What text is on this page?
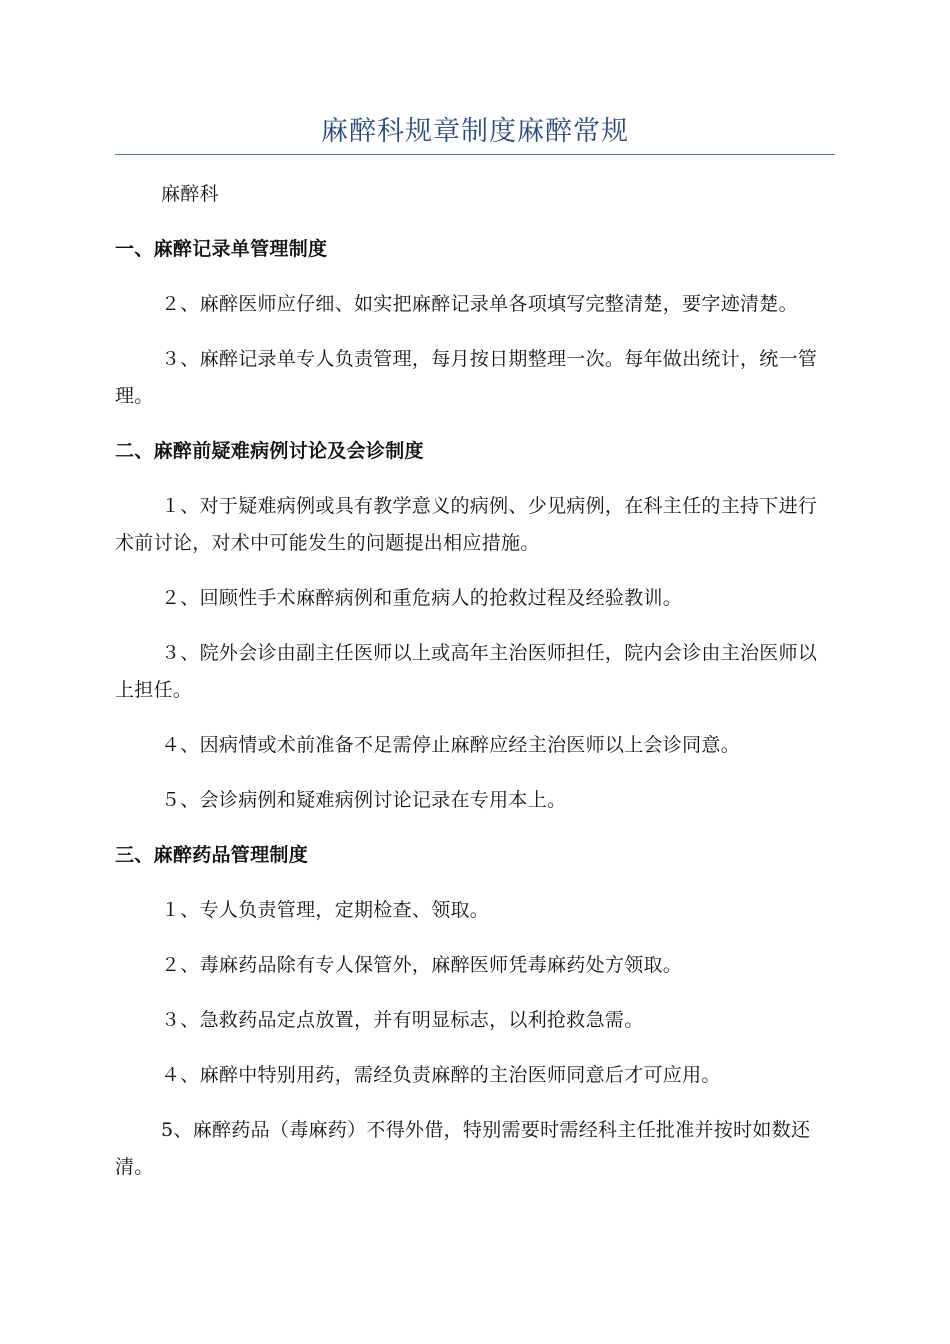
麻醉科规章制度麻醉常规

麻醉科

一、麻醉记录单管理制度

２、麻醉医师应仔细、如实把麻醉记录单各项填写完整清楚，要字迹清楚。

３、麻醉记录单专人负责管理，每月按日期整理一次。每年做出统计，统一管理。

二、麻醉前疑难病例讨论及会诊制度

１、对于疑难病例或具有教学意义的病例、少见病例，在科主任的主持下进行术前讨论，对术中可能发生的问题提出相应措施。

２、回顾性手术麻醉病例和重危病人的抢救过程及经验教训。

３、院外会诊由副主任医师以上或高年主治医师担任，院内会诊由主治医师以上担任。

４、因病情或术前准备不足需停止麻醉应经主治医师以上会诊同意。

５、会诊病例和疑难病例讨论记录在专用本上。

三、麻醉药品管理制度

１、专人负责管理，定期检查、领取。

２、毒麻药品除有专人保管外，麻醉医师凭毒麻药处方领取。

３、急救药品定点放置，并有明显标志，以利抢救急需。

４、麻醉中特别用药，需经负责麻醉的主治医师同意后才可应用。

5、麻醉药品（毒麻药）不得外借，特别需要时需经科主任批准并按时如数还清。
